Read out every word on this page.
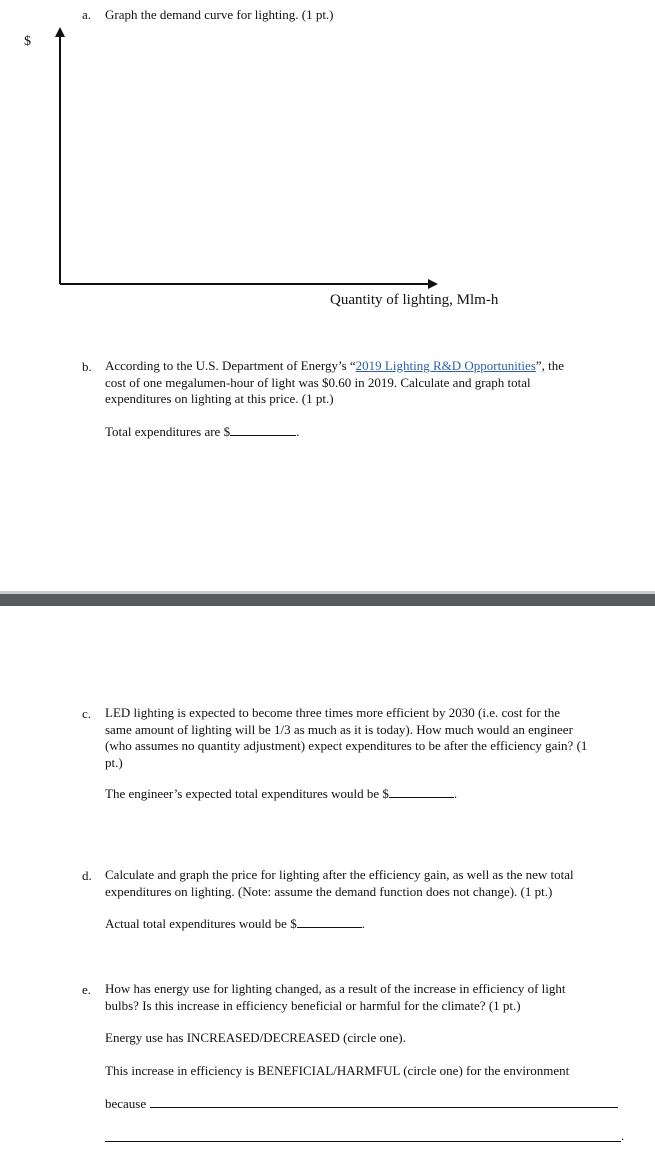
a. Graph the demand curve for lighting. (1 pt.)
$
Quantity of lighting, Mlm-h
b. According to the U.S. Department of Energy’s “2019 Lighting R&D Opportunities”, the
cost of one megalumen-hour of light was $0.60 in 2019. Calculate and graph total
expenditures on lighting at this price. (1 pt.)
Total expenditures are $	.
c. LED lighting is expected to become three times more efficient by 2030 (i.e. cost for the
same amount of lighting will be 1/3 as much as it is today). How much would an engineer
(who assumes no quantity adjustment) expect expenditures to be after the efficiency gain? (1
pt.)
The engineer’s expected total expenditures would be $	.
d. Calculate and graph the price for lighting after the efficiency gain, as well as the new total
expenditures on lighting. (Note: assume the demand function does not change). (1 pt.)
Actual total expenditures would be $	.
e. How has energy use for lighting changed, as a result of the increase in efficiency of light
bulbs? Is this increase in efficiency beneficial or harmful for the climate? (1 pt.)
Energy use has INCREASED/DECREASED (circle one).
This increase in efficiency is BENEFICIAL/HARMFUL (circle one) for the environment
because
.
